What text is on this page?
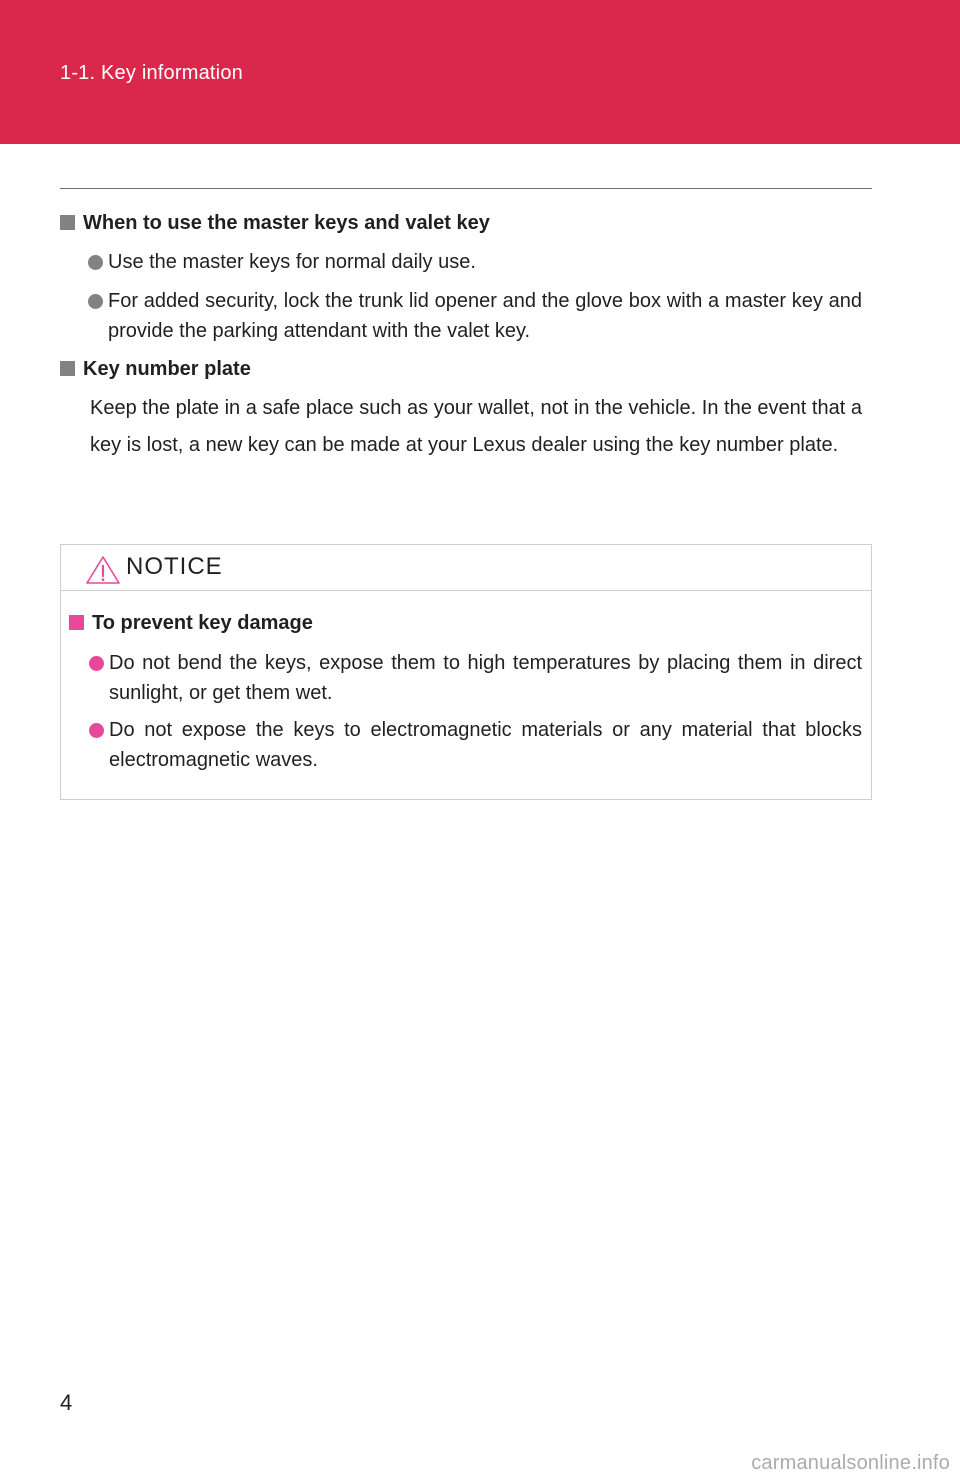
1-1. Key information
When to use the master keys and valet key
Use the master keys for normal daily use.
For added security, lock the trunk lid opener and the glove box with a master key and provide the parking attendant with the valet key.
Key number plate
Keep the plate in a safe place such as your wallet, not in the vehicle. In the event that a key is lost, a new key can be made at your Lexus dealer using the key number plate.
NOTICE
To prevent key damage
Do not bend the keys, expose them to high temperatures by placing them in direct sunlight, or get them wet.
Do not expose the keys to electromagnetic materials or any material that blocks electromagnetic waves.
4
carmanualsonline.info
